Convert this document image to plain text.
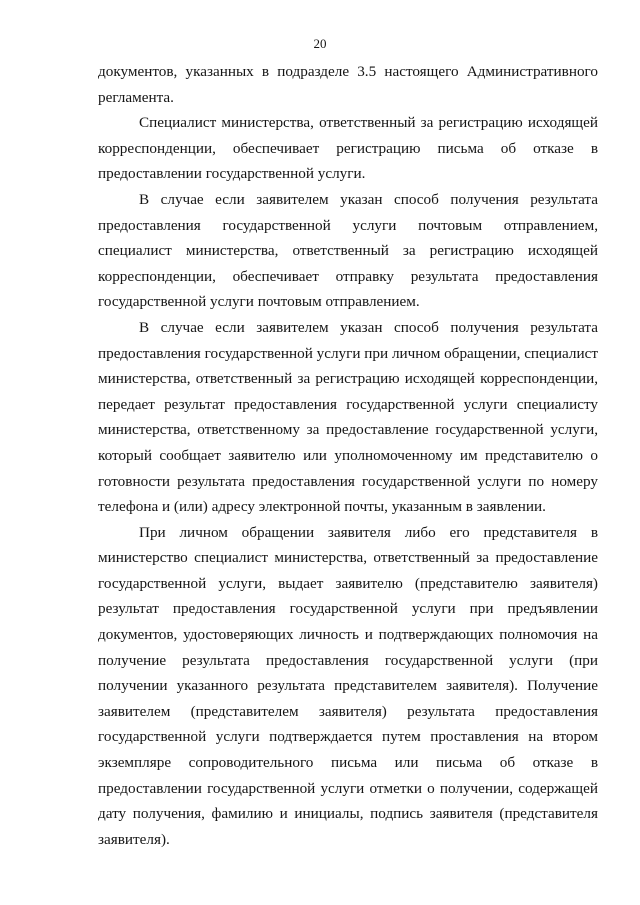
20

документов, указанных в подразделе 3.5 настоящего Административного регламента.

Специалист министерства, ответственный за регистрацию исходящей корреспонденции, обеспечивает регистрацию письма об отказе в предоставлении государственной услуги.

В случае если заявителем указан способ получения результата предоставления государственной услуги почтовым отправлением, специалист министерства, ответственный за регистрацию исходящей корреспонденции, обеспечивает отправку результата предоставления государственной услуги почтовым отправлением.

В случае если заявителем указан способ получения результата предоставления государственной услуги при личном обращении, специалист министерства, ответственный за регистрацию исходящей корреспонденции, передает результат предоставления государственной услуги специалисту министерства, ответственному за предоставление государственной услуги, который сообщает заявителю или уполномоченному им представителю о готовности результата предоставления государственной услуги по номеру телефона и (или) адресу электронной почты, указанным в заявлении.

При личном обращении заявителя либо его представителя в министерство специалист министерства, ответственный за предоставление государственной услуги, выдает заявителю (представителю заявителя) результат предоставления государственной услуги при предъявлении документов, удостоверяющих личность и подтверждающих полномочия на получение результата предоставления государственной услуги (при получении указанного результата представителем заявителя). Получение заявителем (представителем заявителя) результата предоставления государственной услуги подтверждается путем проставления на втором экземпляре сопроводительного письма или письма об отказе в предоставлении государственной услуги отметки о получении, содержащей дату получения, фамилию и инициалы, подпись заявителя (представителя заявителя).
